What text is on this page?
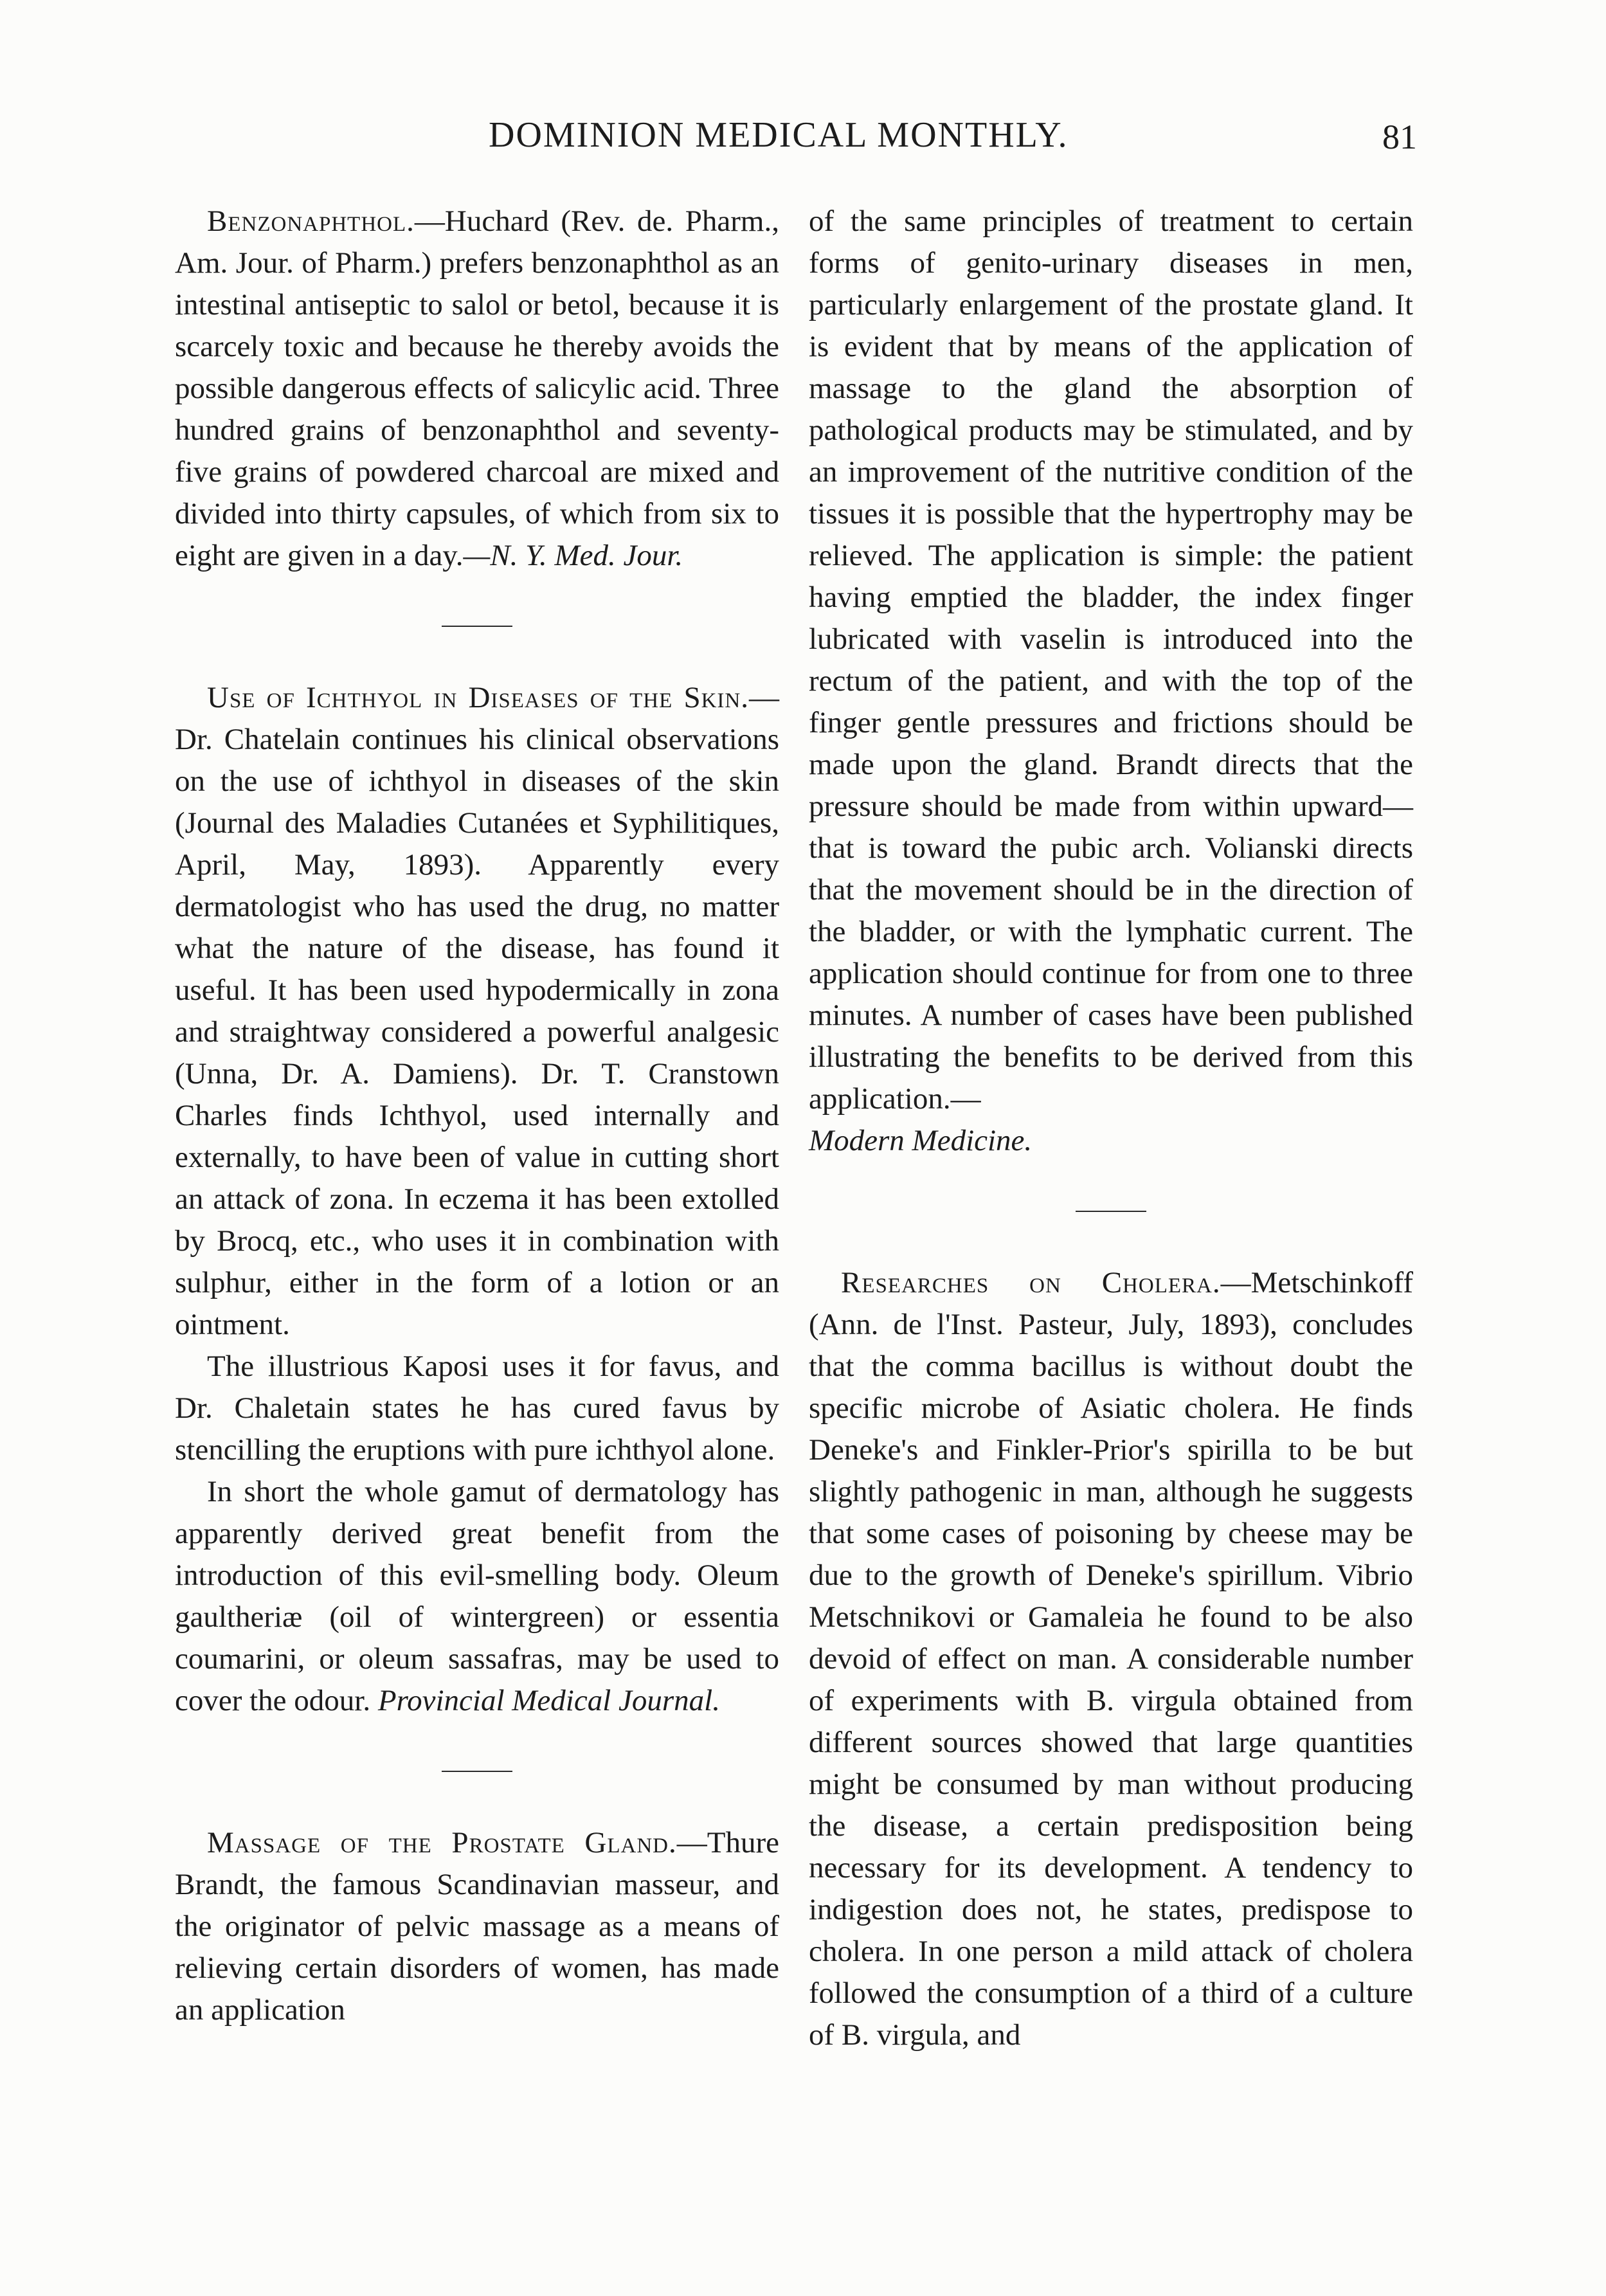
DOMINION MEDICAL MONTHLY.	81

Benzonaphthol.—Huchard (Rev. de. Pharm., Am. Jour. of Pharm.) prefers benzonaphthol as an intestinal antiseptic to salol or betol, because it is scarcely toxic and because he thereby avoids the possible dangerous effects of salicylic acid. Three hundred grains of benzonaphthol and seventy-five grains of powdered charcoal are mixed and divided into thirty capsules, of which from six to eight are given in a day.—N. Y. Med. Jour.

Use of Ichthyol in Diseases of the Skin.—Dr. Chatelain continues his clinical observations on the use of ichthyol in diseases of the skin (Journal des Maladies Cutanées et Syphilitiques, April, May, 1893). Apparently every dermatologist who has used the drug, no matter what the nature of the disease, has found it useful. It has been used hypodermically in zona and straightway considered a powerful analgesic (Unna, Dr. A. Damiens). Dr. T. Cranstown Charles finds Ichthyol, used internally and externally, to have been of value in cutting short an attack of zona. In eczema it has been extolled by Brocq, etc., who uses it in combination with sulphur, either in the form of a lotion or an ointment.

The illustrious Kaposi uses it for favus, and Dr. Chaletain states he has cured favus by stencilling the eruptions with pure ichthyol alone.

In short the whole gamut of dermatology has apparently derived great benefit from the introduction of this evil-smelling body. Oleum gaultheriæ (oil of wintergreen) or essentia coumarini, or oleum sassafras, may be used to cover the odour. Provincial Medical Journal.

Massage of the Prostate Gland.—Thure Brandt, the famous Scandinavian masseur, and the originator of pelvic massage as a means of relieving certain disorders of women, has made an application

of the same principles of treatment to certain forms of genito-urinary diseases in men, particularly enlargement of the prostate gland. It is evident that by means of the application of massage to the gland the absorption of pathological products may be stimulated, and by an improvement of the nutritive condition of the tissues it is possible that the hypertrophy may be relieved. The application is simple: the patient having emptied the bladder, the index finger lubricated with vaselin is introduced into the rectum of the patient, and with the top of the finger gentle pressures and frictions should be made upon the gland. Brandt directs that the pressure should be made from within upward—that is toward the pubic arch. Volianski directs that the movement should be in the direction of the bladder, or with the lymphatic current. The application should continue for from one to three minutes. A number of cases have been published illustrating the benefits to be derived from this application.—
Modern Medicine.

Researches on Cholera.—Metschinkoff (Ann. de l'Inst. Pasteur, July, 1893), concludes that the comma bacillus is without doubt the specific microbe of Asiatic cholera. He finds Deneke's and Finkler-Prior's spirilla to be but slightly pathogenic in man, although he suggests that some cases of poisoning by cheese may be due to the growth of Deneke's spirillum. Vibrio Metschnikovi or Gamaleia he found to be also devoid of effect on man. A considerable number of experiments with B. virgula obtained from different sources showed that large quantities might be consumed by man without producing the disease, a certain predisposition being necessary for its development. A tendency to indigestion does not, he states, predispose to cholera. In one person a mild attack of cholera followed the consumption of a third of a culture of B. virgula, and
